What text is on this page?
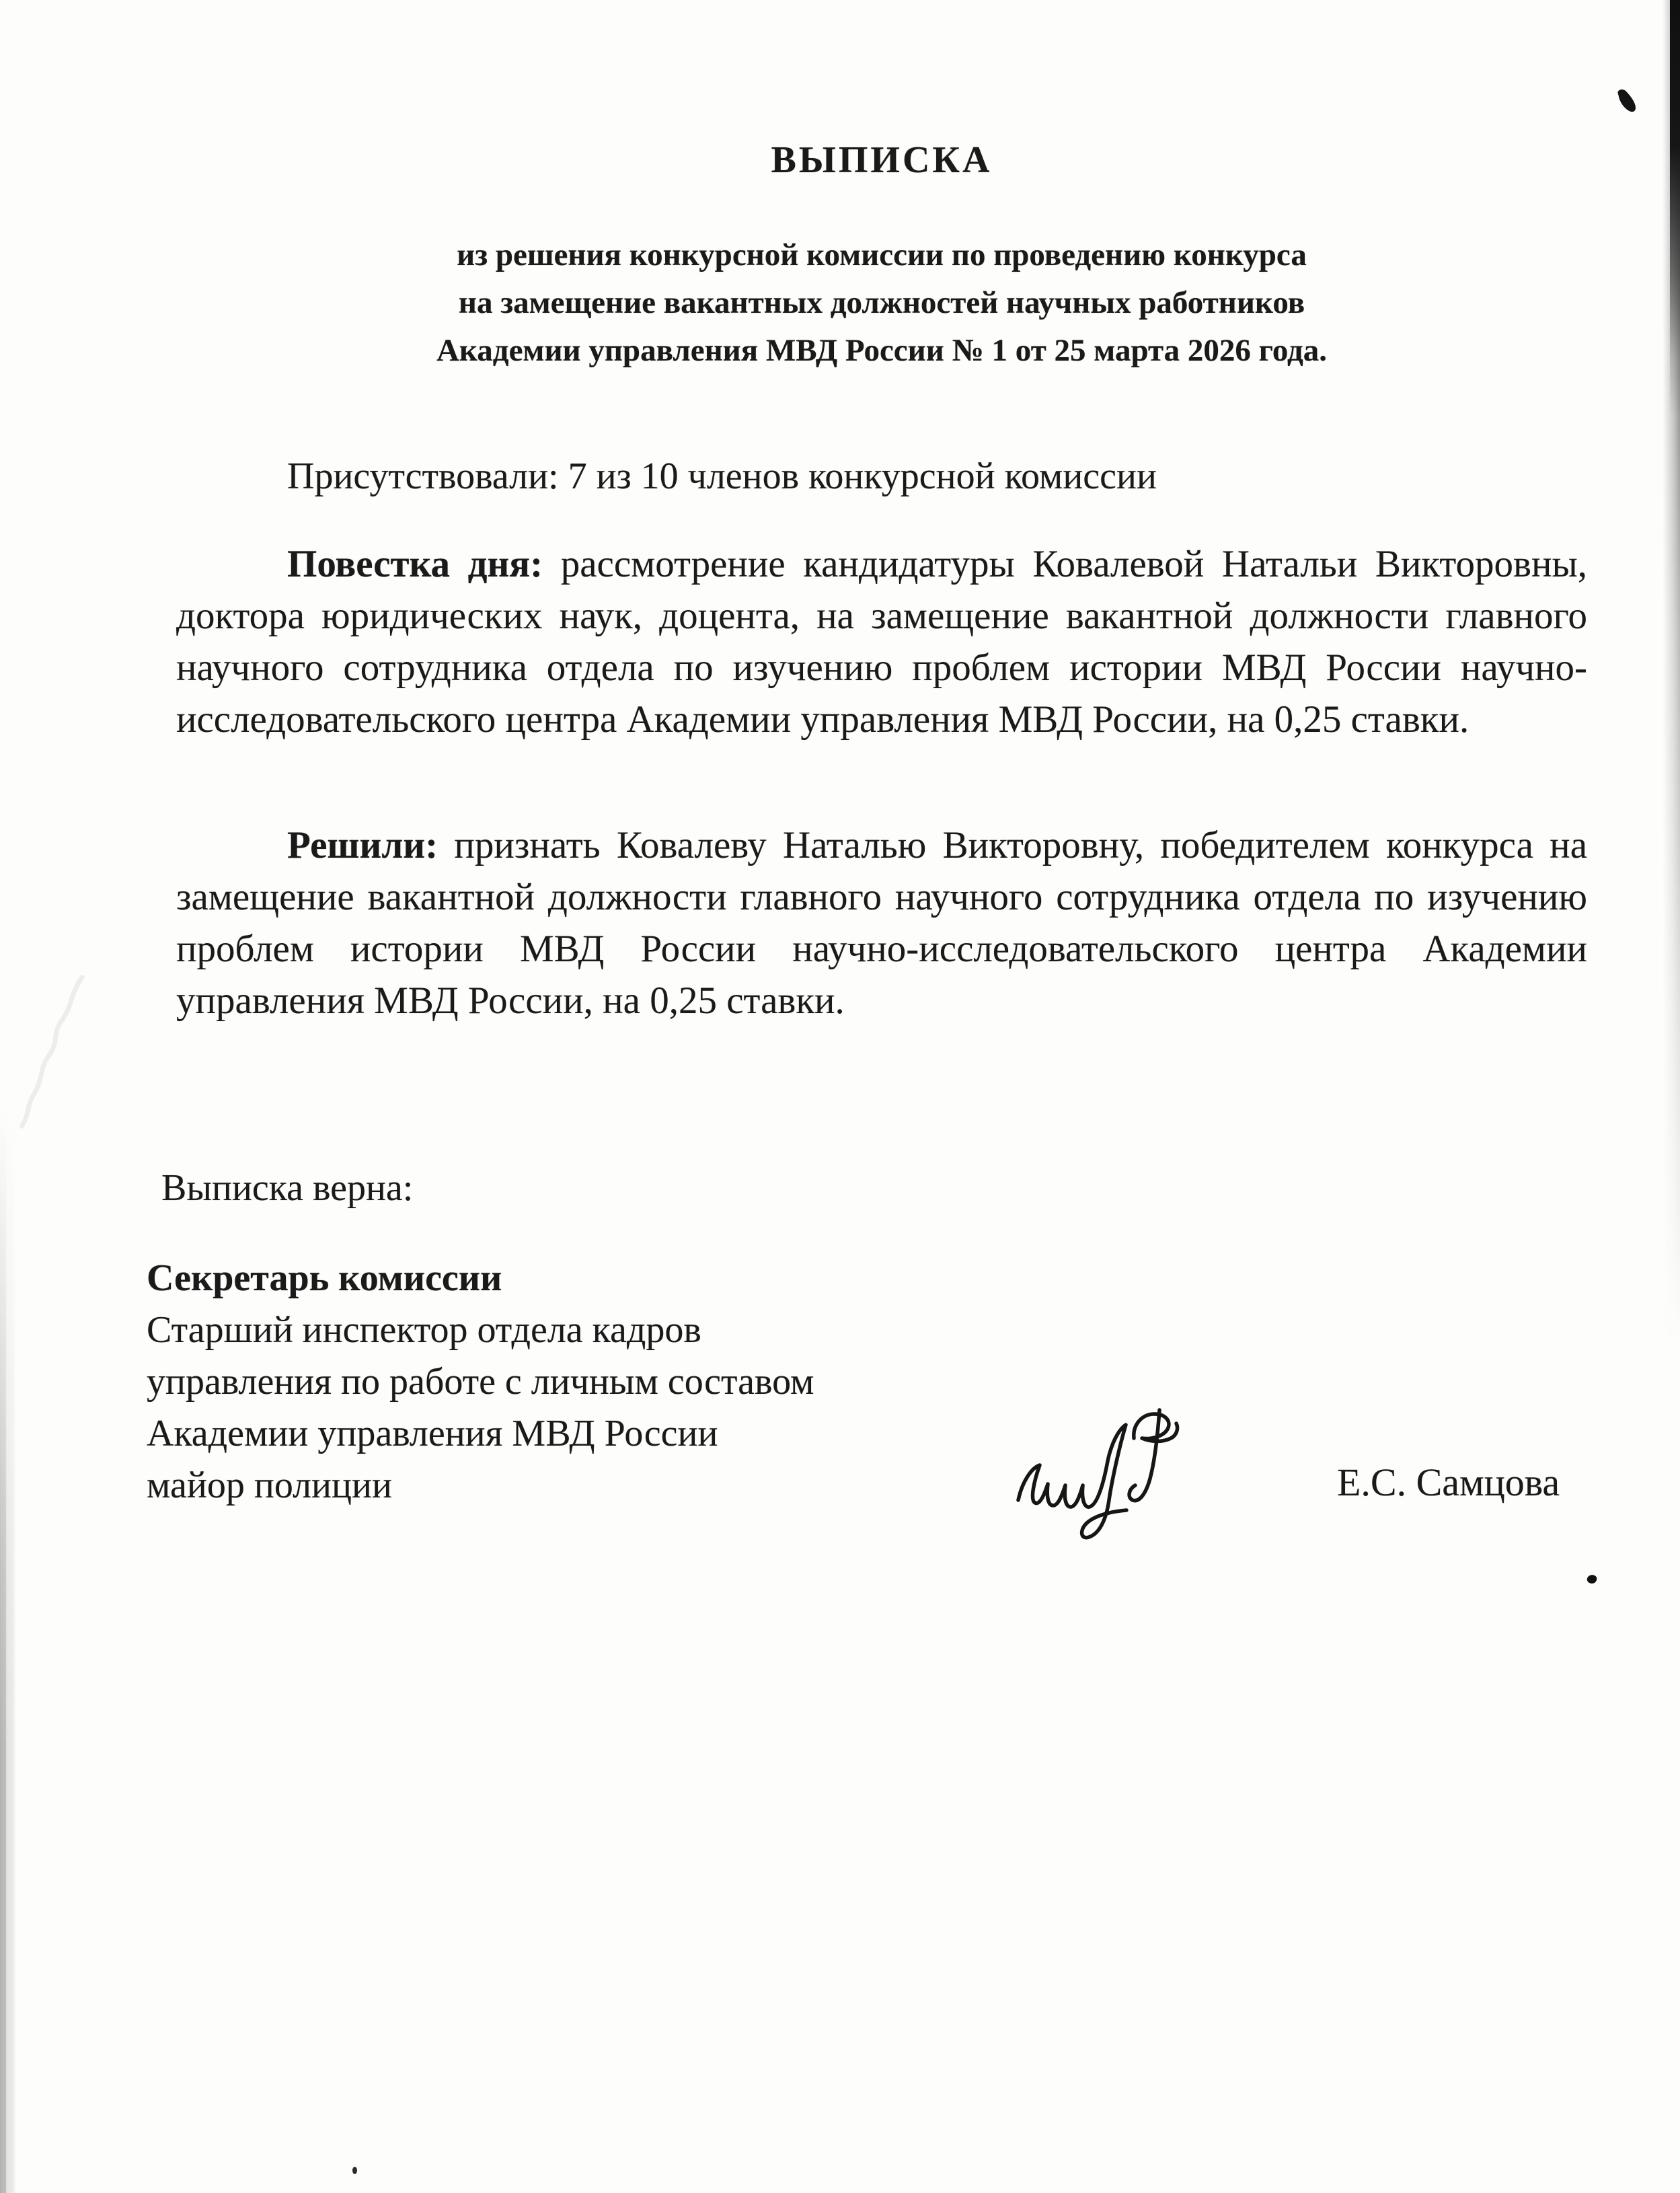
ВЫПИСКА
из решения конкурсной комиссии по проведению конкурса
на замещение вакантных должностей научных работников
Академии управления МВД России № 1 от 25 марта 2026 года.
Присутствовали: 7 из 10 членов конкурсной комиссии

Повестка дня: рассмотрение кандидатуры Ковалевой Натальи Викторовны, доктора юридических наук, доцента, на замещение вакантной должности главного научного сотрудника отдела по изучению проблем истории МВД России научно-исследовательского центра Академии управления МВД России, на 0,25 ставки.

Решили: признать Ковалеву Наталью Викторовну, победителем конкурса на замещение вакантной должности главного научного сотрудника отдела по изучению проблем истории МВД России научно-исследовательского центра Академии управления МВД России, на 0,25 ставки.

Выписка верна:
Секретарь комиссии
Старший инспектор отдела кадров
управления по работе с личным составом
Академии управления МВД России
майор полиции	Е.С. Самцова
